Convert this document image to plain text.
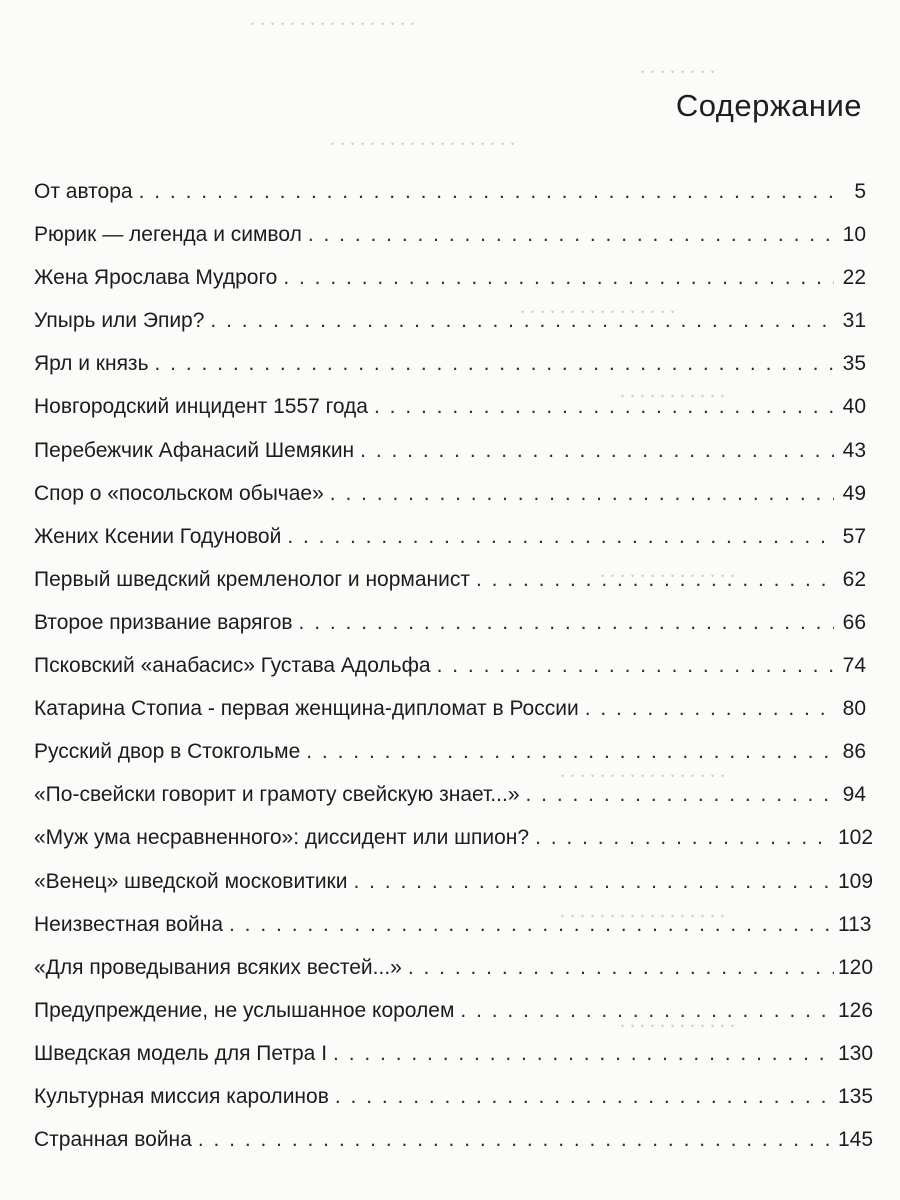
. . . . . . . . . . . . . . . . .
. . . . . . . .
. . . . . . . . . . . . . . . . . . .
. . . . . . . . . . . . . . . .
. . . . . . . . . . .
. . . . . . . . . . . . . .
. . . . . . . . . . . . . . . . .
. . . . . . . . . . . . . . . . .
. . . . . . . . . . . .
Содержание
От автора . . .	5
Рюрик — легенда и символ . . .	10
Жена Ярослава Мудрого . . .	22
Упырь или Эпир? . . .	31
Ярл и князь . . .	35
Новгородский инцидент 1557 года . . .	40
Перебежчик Афанасий Шемякин . . .	43
Спор о «посольском обычае» . . .	49
Жених Ксении Годуновой . . .	57
Первый шведский кремленолог и норманист . . .	62
Второе призвание варягов . . .	66
Псковский «анабасис» Густава Адольфа . . .	74
Катарина Стопиа - первая женщина-дипломат в России . . .	80
Русский двор в Стокгольме . . .	86
«По-свейски говорит и грамоту свейскую знает...» . . .	94
«Муж ума несравненного»: диссидент или шпион? . . .	102
«Венец» шведской московитики . . .	109
Неизвестная война . . .	113
«Для проведывания всяких вестей...» . . .	120
Предупреждение, не услышанное королем . . .	126
Шведская модель для Петра I . . .	130
Культурная миссия каролинов . . .	135
Странная война . . .	145
